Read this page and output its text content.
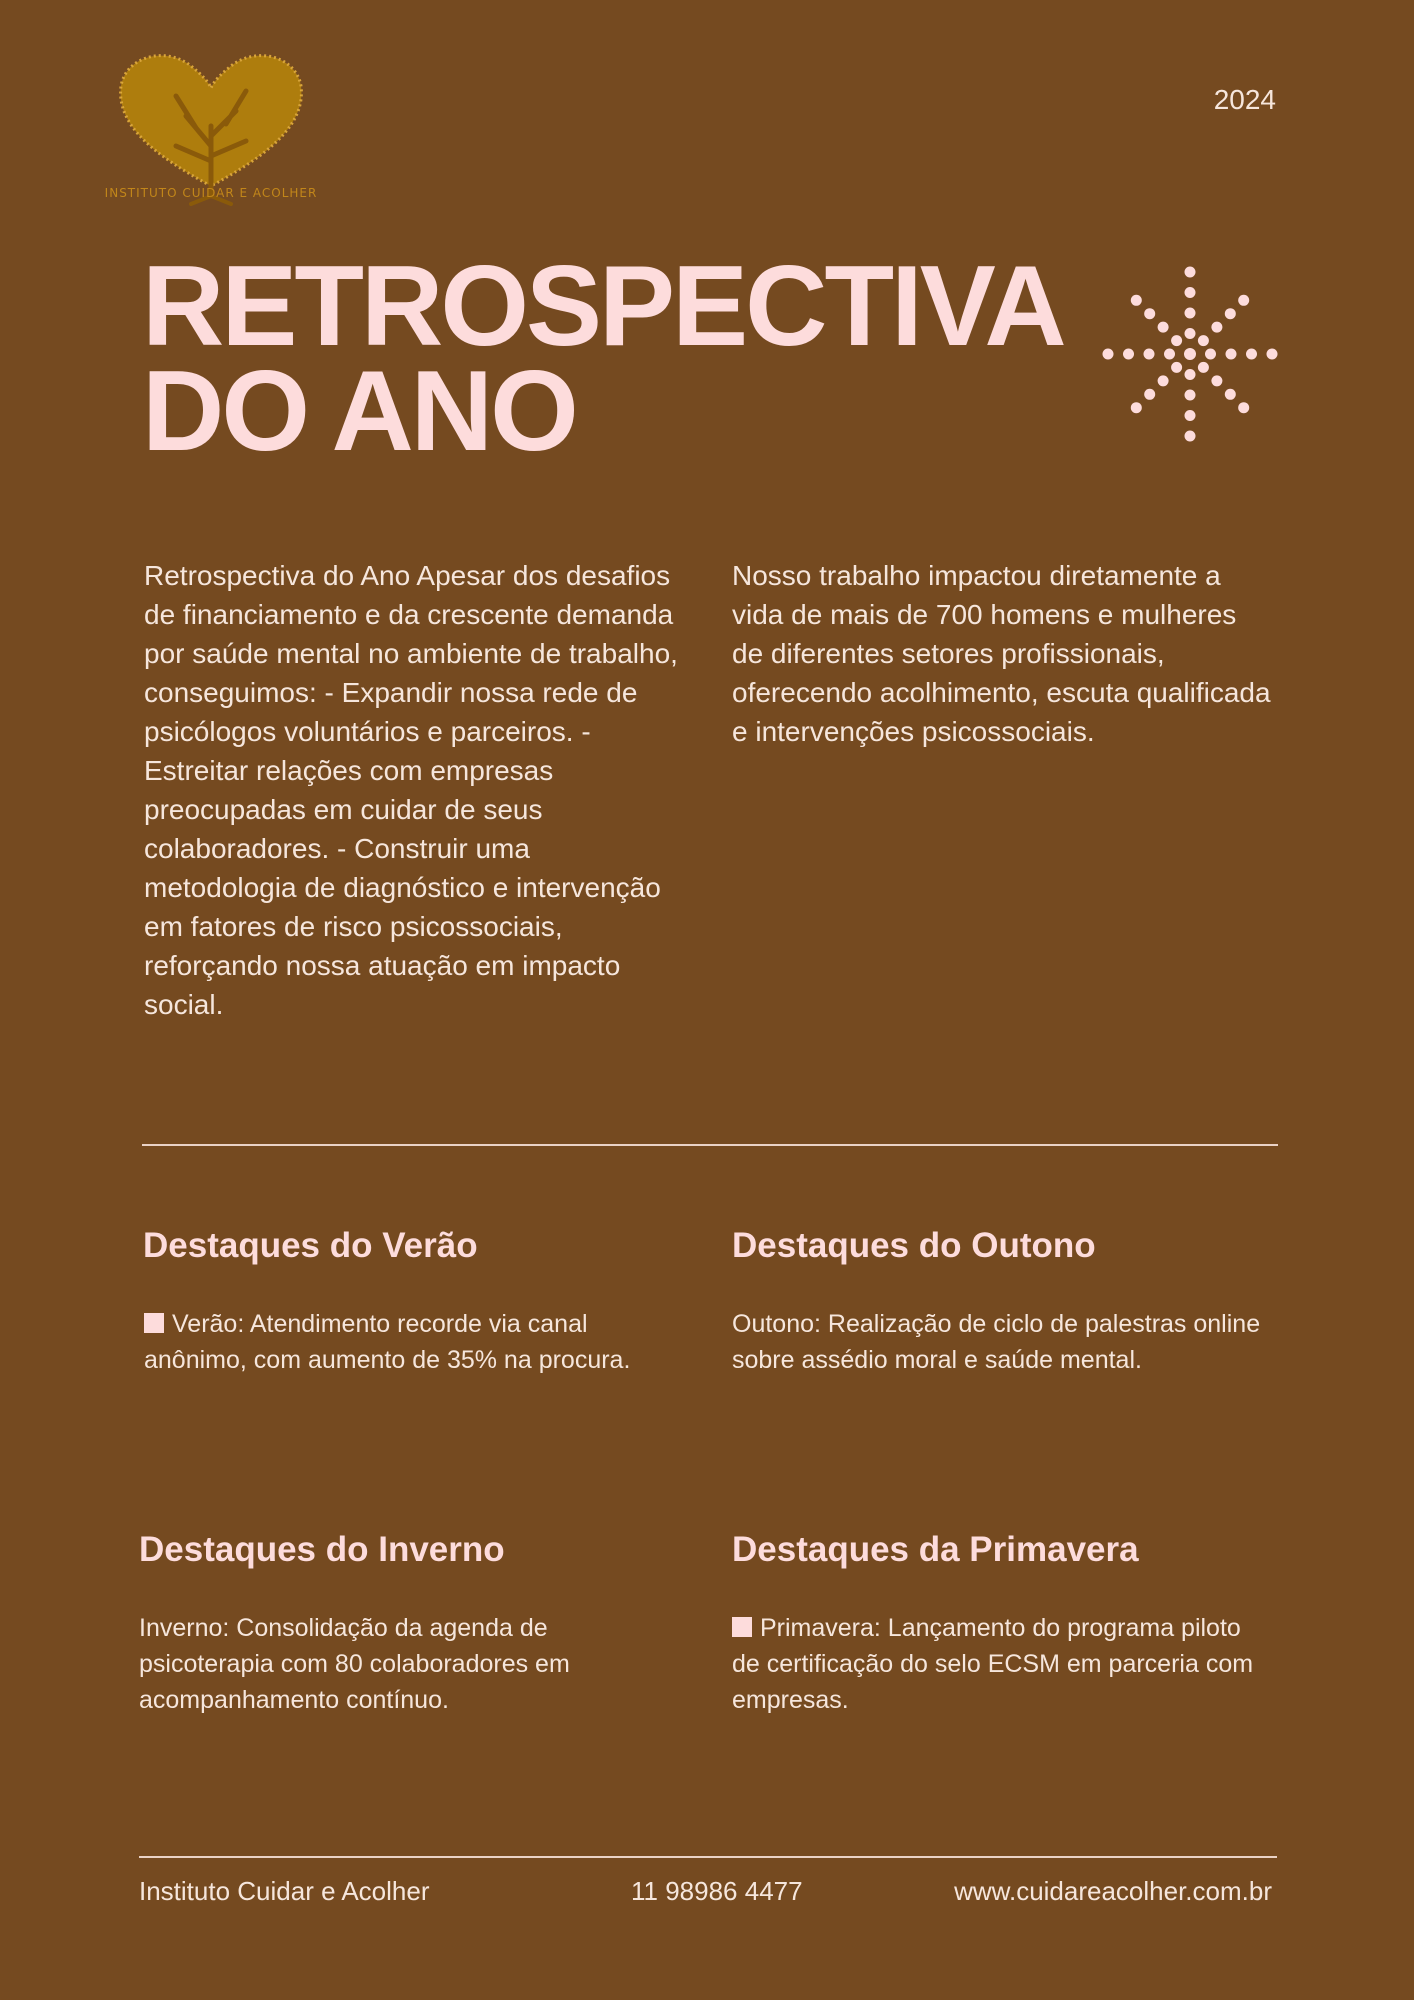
INSTITUTO CUIDAR E ACOLHER
2024
RETROSPECTIVA
DO ANO
Retrospectiva do Ano Apesar dos desafios de financiamento e da crescente demanda por saúde mental no ambiente de trabalho, conseguimos: - Expandir nossa rede de psicólogos voluntários e parceiros. - Estreitar relações com empresas preocupadas em cuidar de seus colaboradores. - Construir uma metodologia de diagnóstico e intervenção em fatores de risco psicossociais, reforçando nossa atuação em impacto social.
Nosso trabalho impactou diretamente a vida de mais de 700 homens e mulheres de diferentes setores profissionais, oferecendo acolhimento, escuta qualificada e intervenções psicossociais.
Destaques do Verão
Verão: Atendimento recorde via canal anônimo, com aumento de 35% na procura.
Destaques do Outono
Outono: Realização de ciclo de palestras online sobre assédio moral e saúde mental.
Destaques do Inverno
Inverno: Consolidação da agenda de psicoterapia com 80 colaboradores em acompanhamento contínuo.
Destaques da Primavera
Primavera: Lançamento do programa piloto de certificação do selo ECSM em parceria com empresas.
Instituto Cuidar e Acolher	11 98986 4477	www.cuidareacolher.com.br
